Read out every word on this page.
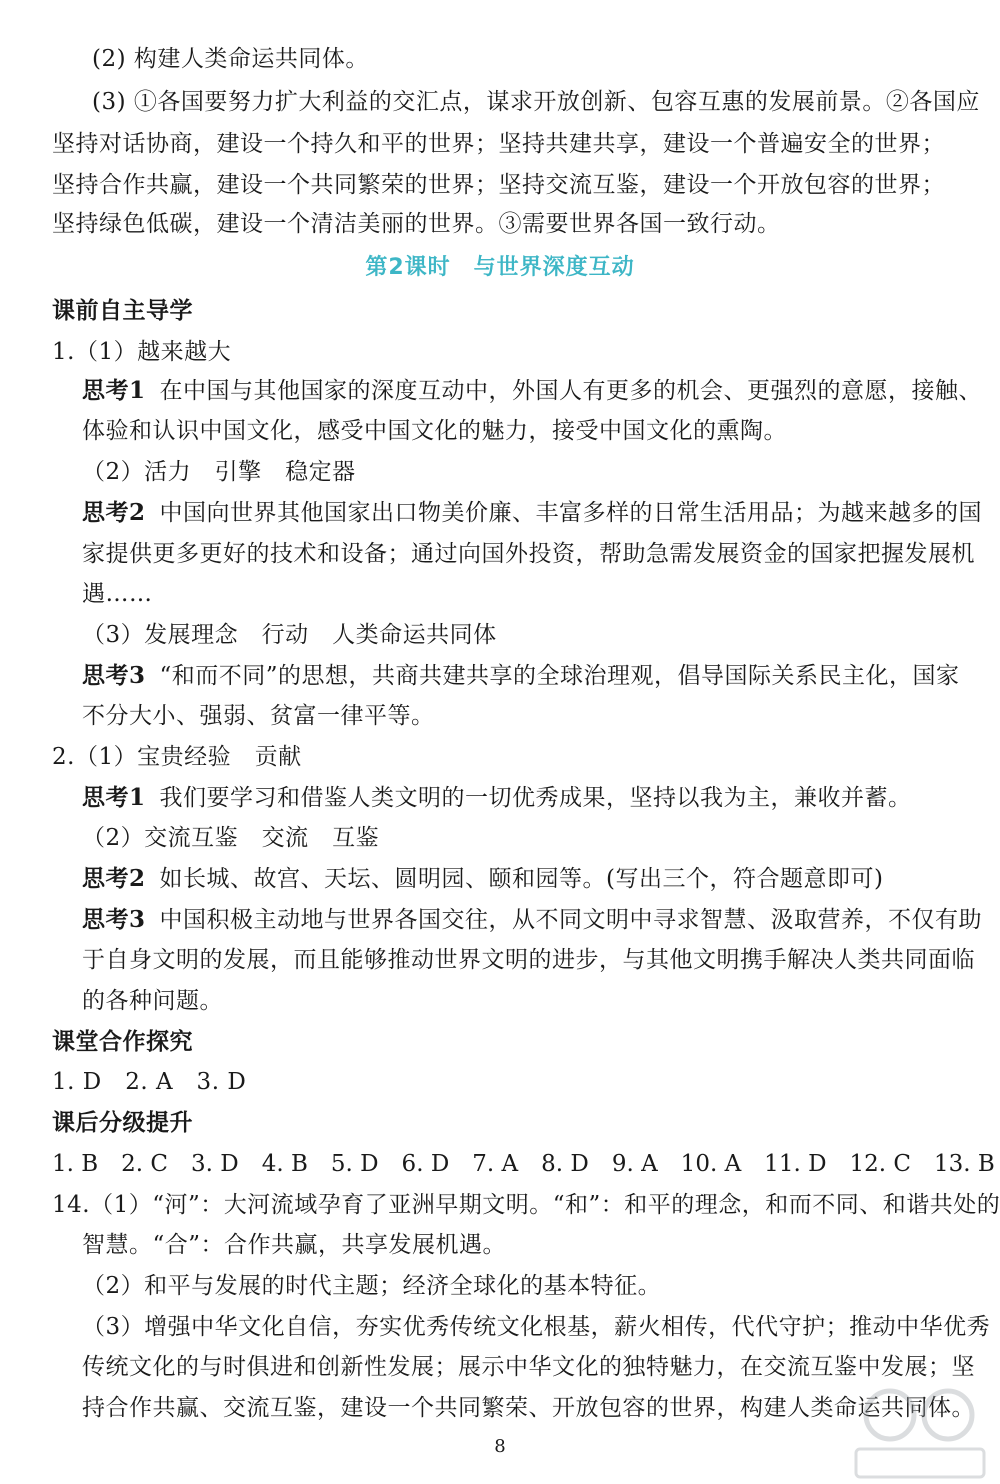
(2) 构建人类命运共同体。
(3) ①各国要努力扩大利益的交汇点，谋求开放创新、包容互惠的发展前景。②各国应
坚持对话协商，建设一个持久和平的世界；坚持共建共享，建设一个普遍安全的世界；
坚持合作共赢，建设一个共同繁荣的世界；坚持交流互鉴，建设一个开放包容的世界；
坚持绿色低碳，建设一个清洁美丽的世界。③需要世界各国一致行动。
第2课时　与世界深度互动
课前自主导学
1.（1）越来越大
思考1 在中国与其他国家的深度互动中，外国人有更多的机会、更强烈的意愿，接触、
体验和认识中国文化，感受中国文化的魅力，接受中国文化的熏陶。
（2）活力　引擎　稳定器
思考2 中国向世界其他国家出口物美价廉、丰富多样的日常生活用品；为越来越多的国
家提供更多更好的技术和设备；通过向国外投资，帮助急需发展资金的国家把握发展机
遇……
（3）发展理念　行动　人类命运共同体
思考3 “和而不同”的思想，共商共建共享的全球治理观，倡导国际关系民主化，国家
不分大小、强弱、贫富一律平等。
2.（1）宝贵经验　贡献
思考1 我们要学习和借鉴人类文明的一切优秀成果，坚持以我为主，兼收并蓄。
（2）交流互鉴　交流　互鉴
思考2 如长城、故宫、天坛、圆明园、颐和园等。(写出三个，符合题意即可)
思考3 中国积极主动地与世界各国交往，从不同文明中寻求智慧、汲取营养，不仅有助
于自身文明的发展，而且能够推动世界文明的进步，与其他文明携手解决人类共同面临
的各种问题。
课堂合作探究
1. D　2. A　3. D
课后分级提升
1. B　2. C　3. D　4. B　5. D　6. D　7. A　8. D　9. A　10. A　11. D　12. C　13. B
14.（1）“河”：大河流域孕育了亚洲早期文明。“和”：和平的理念，和而不同、和谐共处的
智慧。“合”：合作共赢，共享发展机遇。
（2）和平与发展的时代主题；经济全球化的基本特征。
（3）增强中华文化自信，夯实优秀传统文化根基，薪火相传，代代守护；推动中华优秀
传统文化的与时俱进和创新性发展；展示中华文化的独特魅力，在交流互鉴中发展；坚
持合作共赢、交流互鉴，建设一个共同繁荣、开放包容的世界，构建人类命运共同体。
8
